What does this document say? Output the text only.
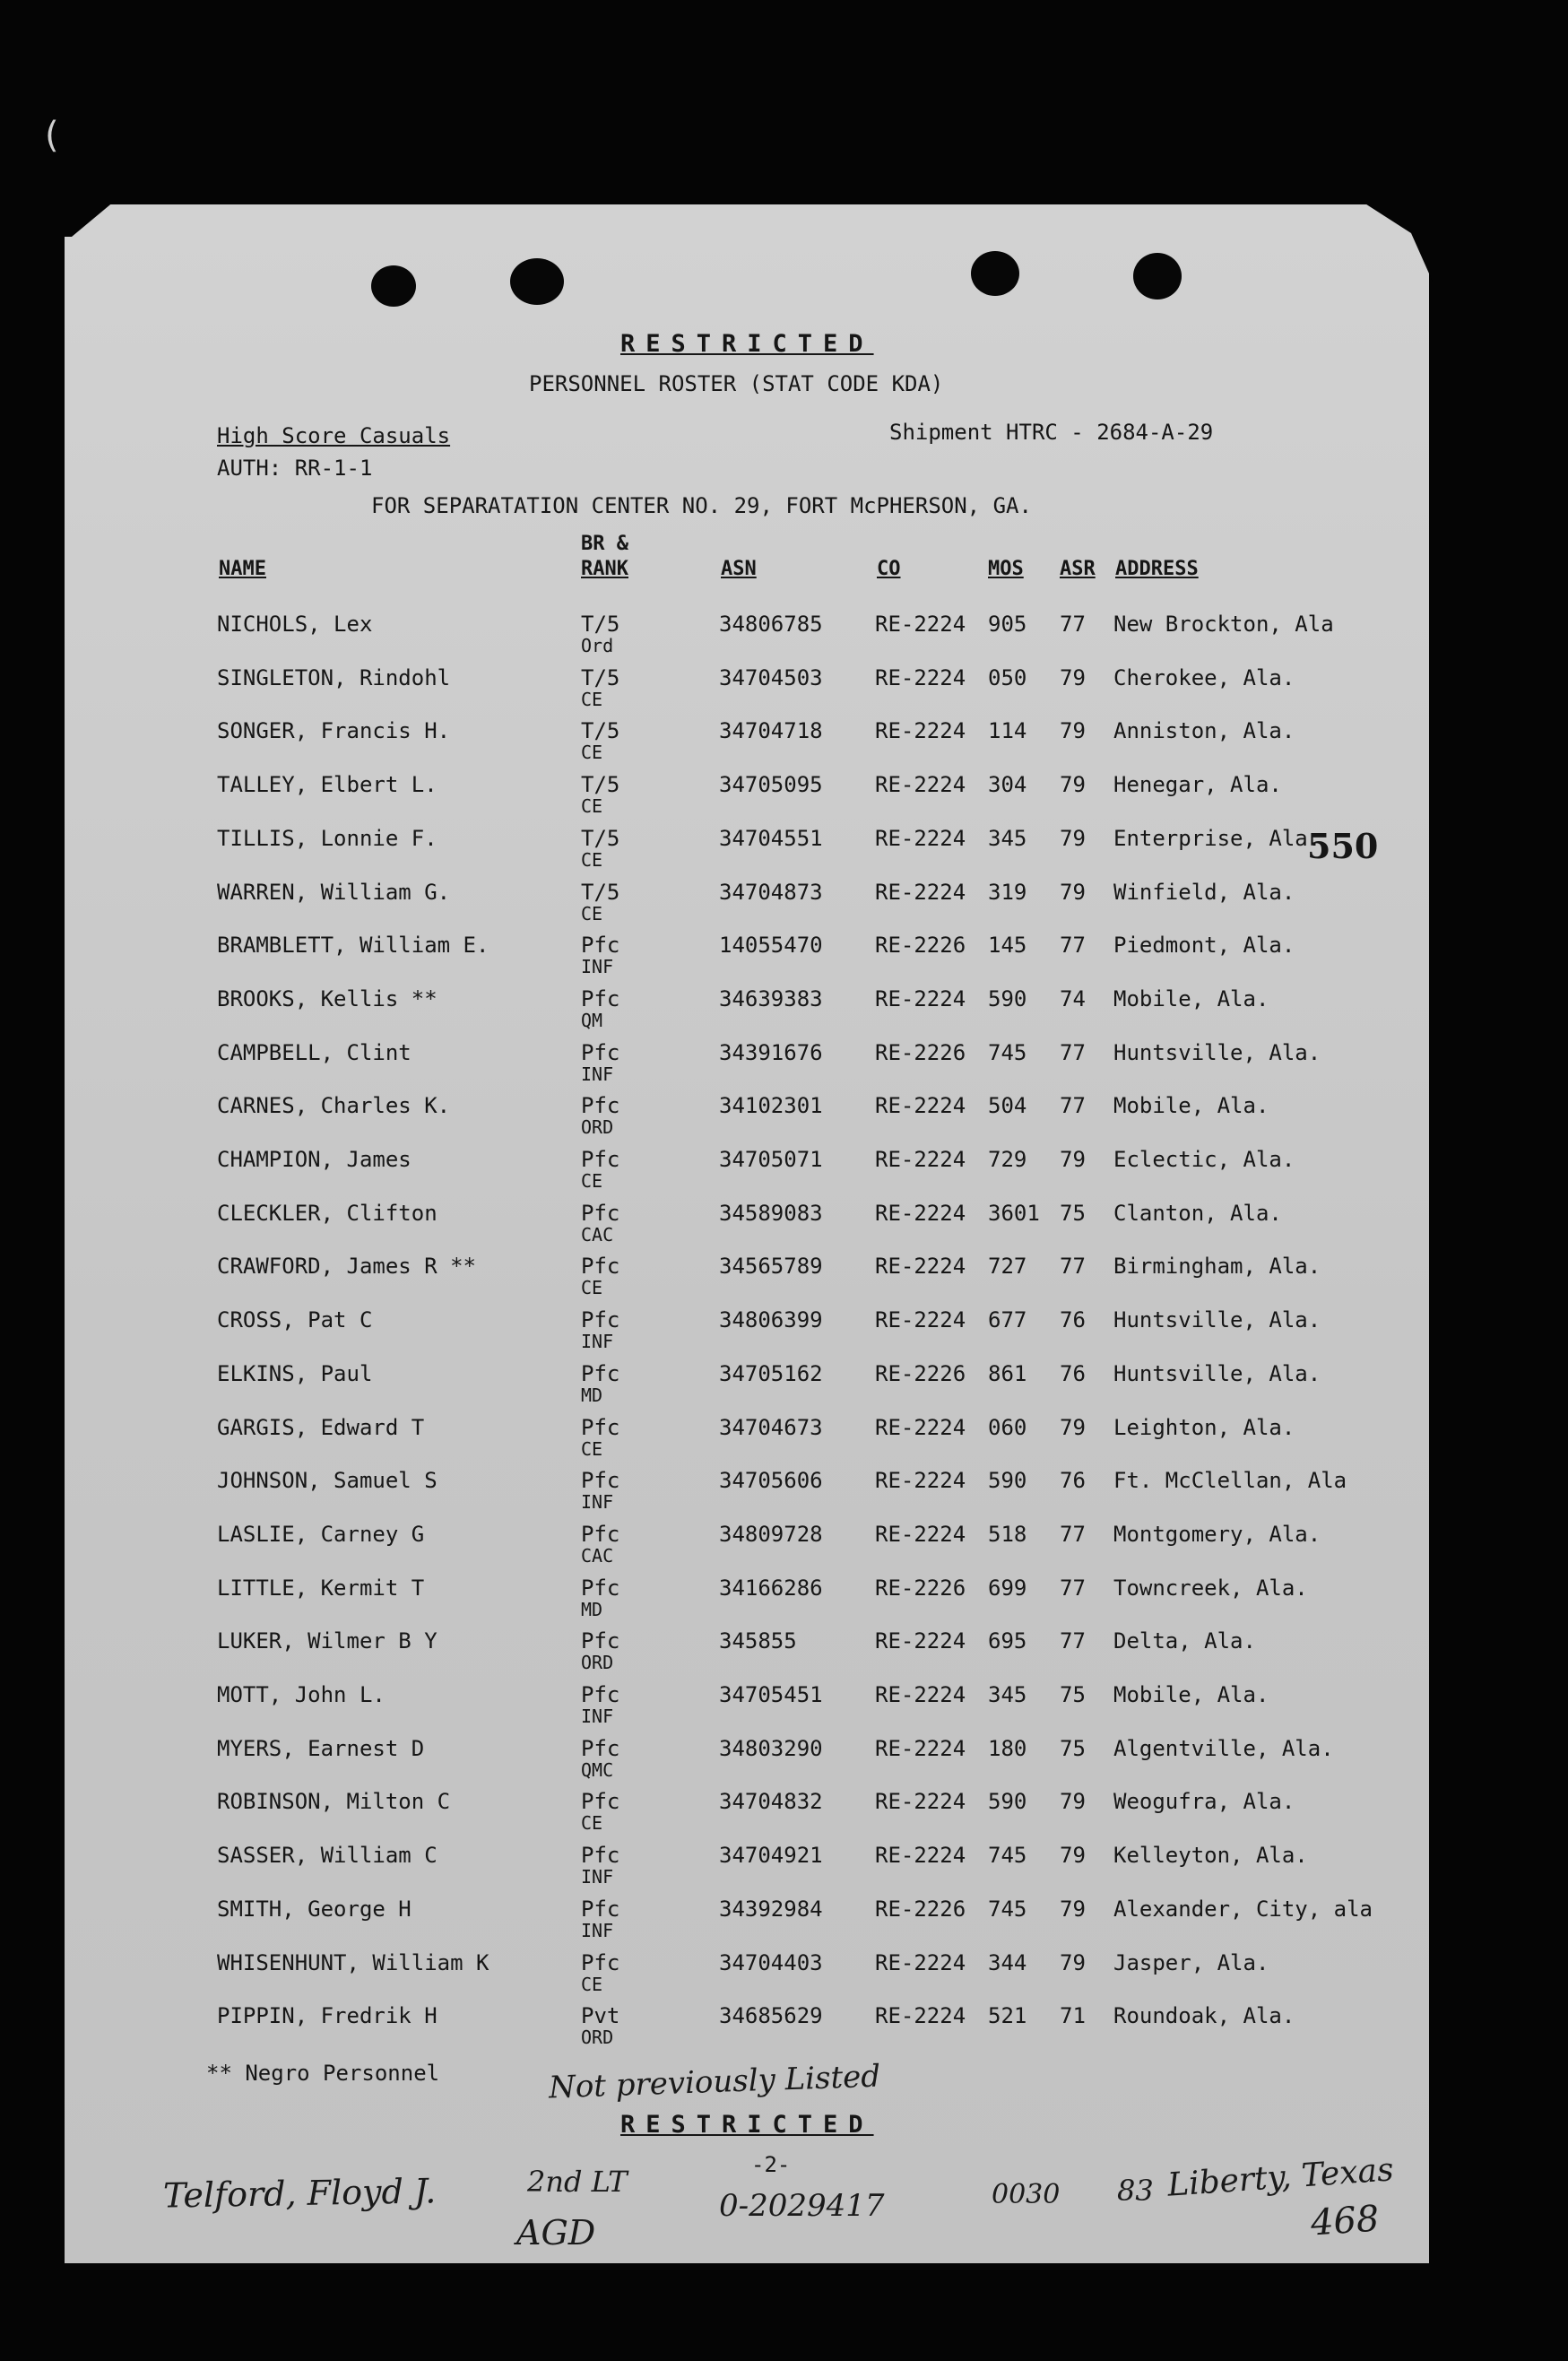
(
RESTRICTED
PERSONNEL ROSTER (STAT CODE KDA)
High Score Casuals	Shipment HTRC - 2684-A-29
AUTH: RR-1-1
FOR SEPARATATION CENTER NO. 29, FORT McPHERSON, GA.
BR &
NAME	RANK	ASN	CO	MOS ASR ADDRESS
NICHOLS, Lex	T/5	34806785 RE-2224 905 77 New Brockton, Ala
Ord
SINGLETON, Rindohl	T/5	34704503 RE-2224 050 79 Cherokee, Ala.
CE
SONGER, Francis H.	T/5	34704718 RE-2224 114 79 Anniston, Ala.
CE
TALLEY, Elbert L.	T/5	34705095 RE-2224 304 79 Henegar, Ala.
CE
TILLIS, Lonnie F.	T/5	34704551 RE-2224 345 79 Enterprise, Ala.
CE
WARREN, William G.	T/5	34704873 RE-2224 319 79 Winfield, Ala.
CE
BRAMBLETT, William E.	Pfc	14055470 RE-2226 145 77 Piedmont, Ala.
INF
BROOKS, Kellis **	Pfc	34639383 RE-2224 590 74 Mobile, Ala.
QM
CAMPBELL, Clint	Pfc	34391676 RE-2226 745 77 Huntsville, Ala.
INF
CARNES, Charles K.	Pfc	34102301 RE-2224 504 77 Mobile, Ala.
ORD
CHAMPION, James	Pfc	34705071 RE-2224 729 79 Eclectic, Ala.
CE
CLECKLER, Clifton	Pfc	34589083 RE-2224 3601 75 Clanton, Ala.
CAC
CRAWFORD, James R **	Pfc	34565789 RE-2224 727 77 Birmingham, Ala.
CE
CROSS, Pat C	Pfc	34806399 RE-2224 677 76 Huntsville, Ala.
INF
ELKINS, Paul	Pfc	34705162 RE-2226 861 76 Huntsville, Ala.
MD
GARGIS, Edward T	Pfc	34704673 RE-2224 060 79 Leighton, Ala.
CE
JOHNSON, Samuel S	Pfc	34705606 RE-2224 590 76 Ft. McClellan, Ala
INF
LASLIE, Carney G	Pfc	34809728 RE-2224 518 77 Montgomery, Ala.
CAC
LITTLE, Kermit T	Pfc	34166286 RE-2226 699 77 Towncreek, Ala.
MD
LUKER, Wilmer B Y	Pfc	345855	RE-2224 695 77 Delta, Ala.
ORD
MOTT, John L.	Pfc	34705451 RE-2224 345 75 Mobile, Ala.
INF
MYERS, Earnest D	Pfc	34803290 RE-2224 180 75 Algentville, Ala.
QMC
ROBINSON, Milton C	Pfc	34704832 RE-2224 590 79 Weogufra, Ala.
CE
SASSER, William C	Pfc	34704921 RE-2224 745 79 Kelleyton, Ala.
INF
SMITH, George H	Pfc	34392984 RE-2226 745 79 Alexander, City, ala
INF
WHISENHUNT, William K	Pfc	34704403 RE-2224 344 79 Jasper, Ala.
CE
PIPPIN, Fredrik H	Pvt	34685629 RE-2224 521 71 Roundoak, Ala.
ORD
550
** Negro Personnel	Not previously Listed
RESTRICTED
-2-
Telford, Floyd J.	2nd LT
AGD
0-2029417	0030 83 Liberty, Texas
468
